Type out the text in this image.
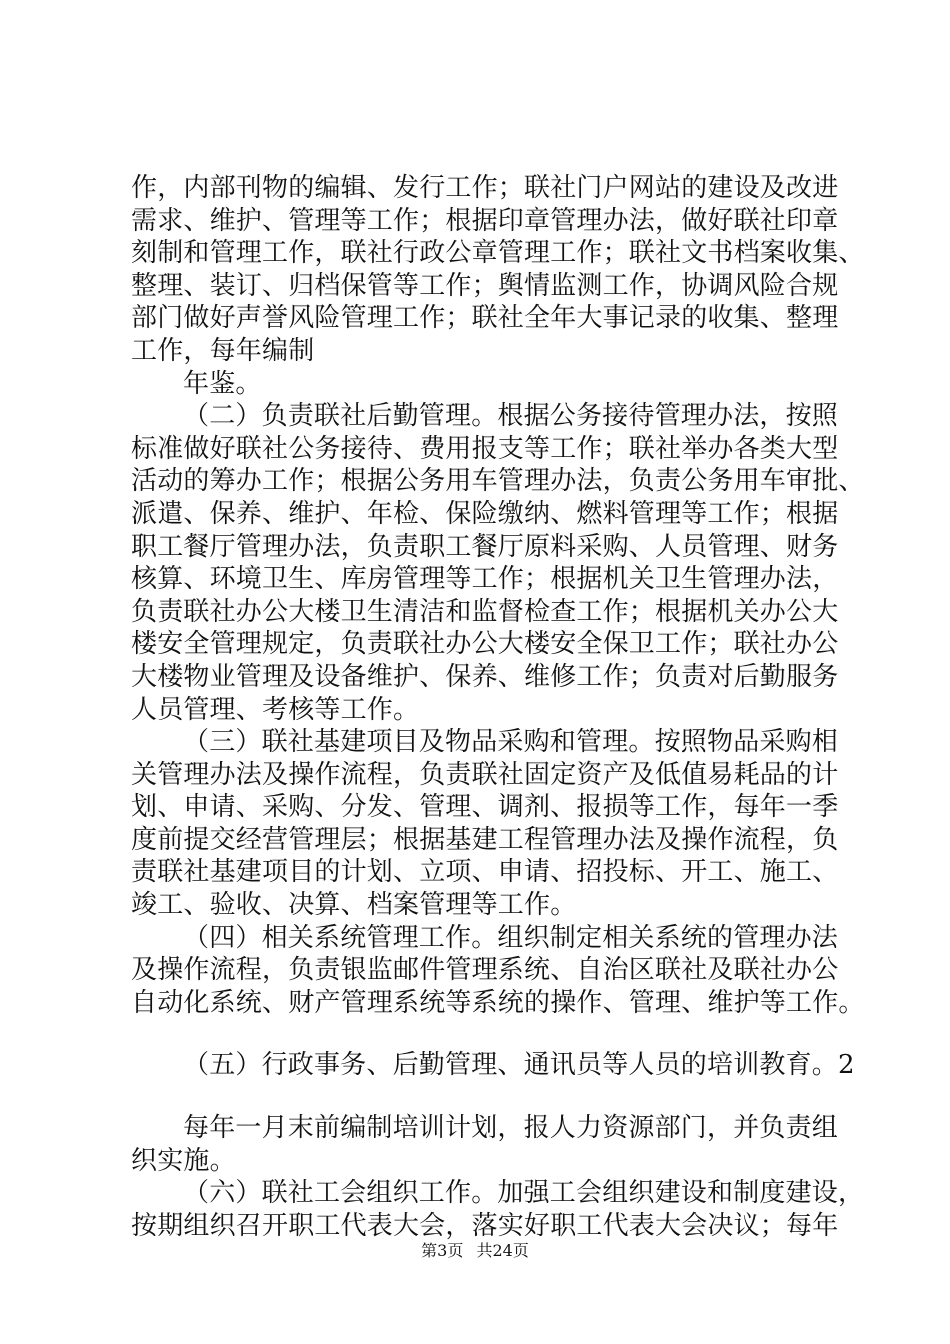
作，内部刊物的编辑、发行工作；联社门户网站的建设及改进
需求、维护、管理等工作；根据印章管理办法，做好联社印章
刻制和管理工作，联社行政公章管理工作；联社文书档案收集、
整理、装订、归档保管等工作；舆情监测工作，协调风险合规
部门做好声誉风险管理工作；联社全年大事记录的收集、整理
工作，每年编制
年鉴。
（二）负责联社后勤管理。根据公务接待管理办法，按照
标准做好联社公务接待、费用报支等工作；联社举办各类大型
活动的筹办工作；根据公务用车管理办法，负责公务用车审批、
派遣、保养、维护、年检、保险缴纳、燃料管理等工作；根据
职工餐厅管理办法，负责职工餐厅原料采购、人员管理、财务
核算、环境卫生、库房管理等工作；根据机关卫生管理办法，
负责联社办公大楼卫生清洁和监督检查工作；根据机关办公大
楼安全管理规定，负责联社办公大楼安全保卫工作；联社办公
大楼物业管理及设备维护、保养、维修工作；负责对后勤服务
人员管理、考核等工作。
（三）联社基建项目及物品采购和管理。按照物品采购相
关管理办法及操作流程，负责联社固定资产及低值易耗品的计
划、申请、采购、分发、管理、调剂、报损等工作，每年一季
度前提交经营管理层；根据基建工程管理办法及操作流程，负
责联社基建项目的计划、立项、申请、招投标、开工、施工、
竣工、验收、决算、档案管理等工作。
（四）相关系统管理工作。组织制定相关系统的管理办法
及操作流程，负责银监邮件管理系统、自治区联社及联社办公
自动化系统、财产管理系统等系统的操作、管理、维护等工作。
（五）行政事务、后勤管理、通讯员等人员的培训教育。2
每年一月末前编制培训计划，报人力资源部门，并负责组
织实施。
（六）联社工会组织工作。加强工会组织建设和制度建设，
按期组织召开职工代表大会，落实好职工代表大会决议；每年
第3页 共24页
